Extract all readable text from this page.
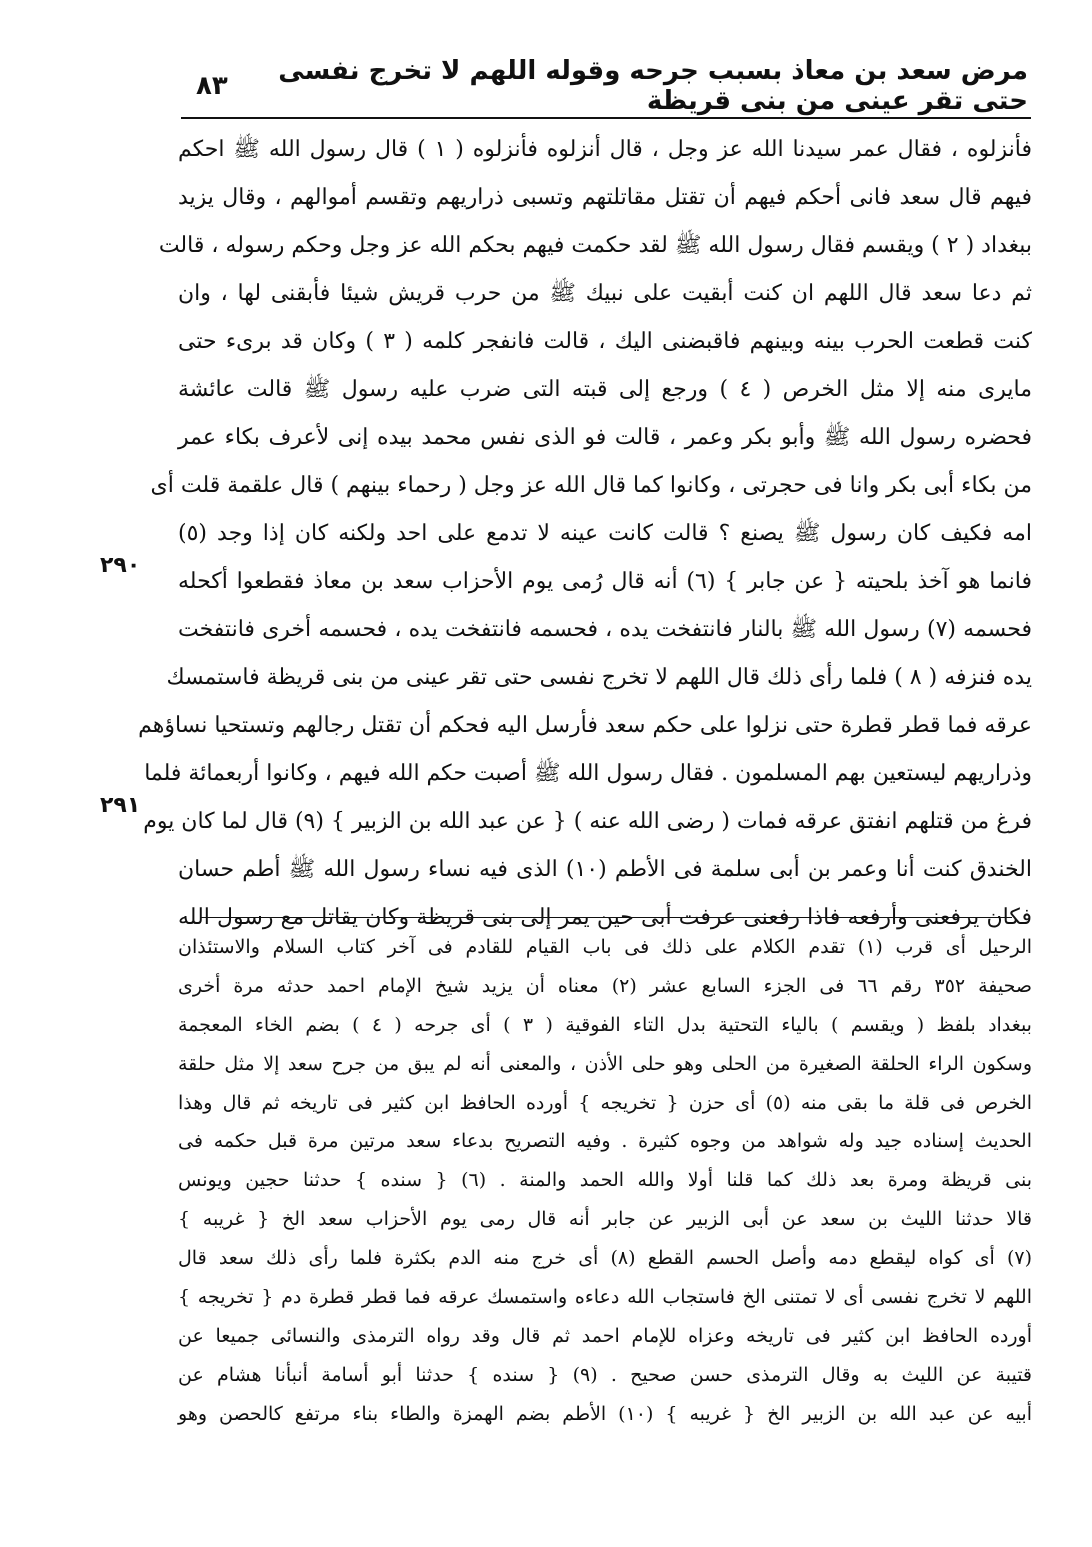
مرض سعد بن معاذ بسبب جرحه وقوله اللهم لا تخرج نفسى حتى تقر عينى من بنى قريظة
٨٣
٢٩٠
٢٩١
فأنزلوه ، فقال عمر سيدنا الله عز وجل ، قال أنزلوه فأنزلوه ( ١ ) قال رسول الله ﷺ احكم
فيهم قال سعد فانى أحكم فيهم أن تقتل مقاتلتهم وتسبى ذراريهم وتقسم أموالهم ، وقال يزيد
ببغداد ( ٢ ) ويقسم فقال رسول الله ﷺ لقد حكمت فيهم بحكم الله عز وجل وحكم رسوله ، قالت
ثم دعا سعد قال اللهم ان كنت أبقيت على نبيك ﷺ من حرب قريش شيئا فأبقنى لها ، وان
كنت قطعت الحرب بينه وبينهم فاقبضنى اليك ، قالت فانفجر كلمه ( ٣ ) وكان قد برىء حتى
مايرى منه إلا مثل الخرص ( ٤ ) ورجع إلى قبته التى ضرب عليه رسول ﷺ قالت عائشة
فحضره رسول الله ﷺ وأبو بكر وعمر ، قالت فو الذى نفس محمد بيده إنى لأعرف بكاء عمر
من بكاء أبى بكر وانا فى حجرتى ، وكانوا كما قال الله عز وجل ( رحماء بينهم ) قال علقمة قلت أى
امه فكيف كان رسول ﷺ يصنع ؟ قالت كانت عينه لا تدمع على احد ولكنه كان إذا وجد (٥)
فانما هو آخذ بلحيته { عن جابر } (٦) أنه قال رُمى يوم الأحزاب سعد بن معاذ فقطعوا أكحله
فحسمه (٧) رسول الله ﷺ بالنار فانتفخت يده ، فحسمه فانتفخت يده ، فحسمه أخرى فانتفخت
يده فنزفه ( ٨ ) فلما رأى ذلك قال اللهم لا تخرج نفسى حتى تقر عينى من بنى قريظة فاستمسك
عرقه فما قطر قطرة حتى نزلوا على حكم سعد فأرسل اليه فحكم أن تقتل رجالهم وتستحيا نساؤهم
وذراريهم ليستعين بهم المسلمون . فقال رسول الله ﷺ أصبت حكم الله فيهم ، وكانوا أربعمائة فلما
فرغ من قتلهم انفتق عرقه فمات ( رضى الله عنه ) { عن عبد الله بن الزبير } (٩) قال لما كان يوم
الخندق كنت أنا وعمر بن أبى سلمة فى الأطم (١٠) الذى فيه نساء رسول الله ﷺ أطم حسان
فكان يرفعنى وأرفعه فاذا رفعنى عرفت أبى حين يمر إلى بنى قريظة وكان يقاتل مع رسول الله
الرحيل أى قرب (١) تقدم الكلام على ذلك فى باب القيام للقادم فى آخر كتاب السلام والاستئذان
صحيفة ٣٥٢ رقم ٦٦ فى الجزء السابع عشر (٢) معناه أن يزيد شيخ الإمام احمد حدثه مرة أخرى
ببغداد بلفظ ( ويقسم ) بالياء التحتية بدل التاء الفوقية ( ٣ ) أى جرحه ( ٤ ) بضم الخاء المعجمة
وسكون الراء الحلقة الصغيرة من الحلى وهو حلى الأذن ، والمعنى أنه لم يبق من جرح سعد إلا مثل حلقة
الخرص فى قلة ما بقى منه (٥) أى حزن { تخريجه } أورده الحافظ ابن كثير فى تاريخه ثم قال وهذا
الحديث إسناده جيد وله شواهد من وجوه كثيرة . وفيه التصريح بدعاء سعد مرتين مرة قبل حكمه فى
بنى قريظة ومرة بعد ذلك كما قلنا أولا والله الحمد والمنة . (٦) { سنده } حدثنا حجين ويونس
قالا حدثنا الليث بن سعد عن أبى الزبير عن جابر أنه قال رمى يوم الأحزاب سعد الخ { غريبه }
(٧) أى كواه ليقطع دمه وأصل الحسم القطع (٨) أى خرج منه الدم بكثرة فلما رأى ذلك سعد قال
اللهم لا تخرج نفسى أى لا تمتنى الخ فاستجاب الله دعاءه واستمسك عرقه فما قطر قطرة دم { تخريجه }
أورده الحافظ ابن كثير فى تاريخه وعزاه للإمام احمد ثم قال وقد رواه الترمذى والنسائى جميعا عن
قتيبة عن الليث به وقال الترمذى حسن صحيح . (٩) { سنده } حدثنا أبو أسامة أنبأنا هشام عن
أبيه عن عبد الله بن الزبير الخ { غريبه } (١٠) الأطم بضم الهمزة والطاء بناء مرتفع كالحصن وهو
